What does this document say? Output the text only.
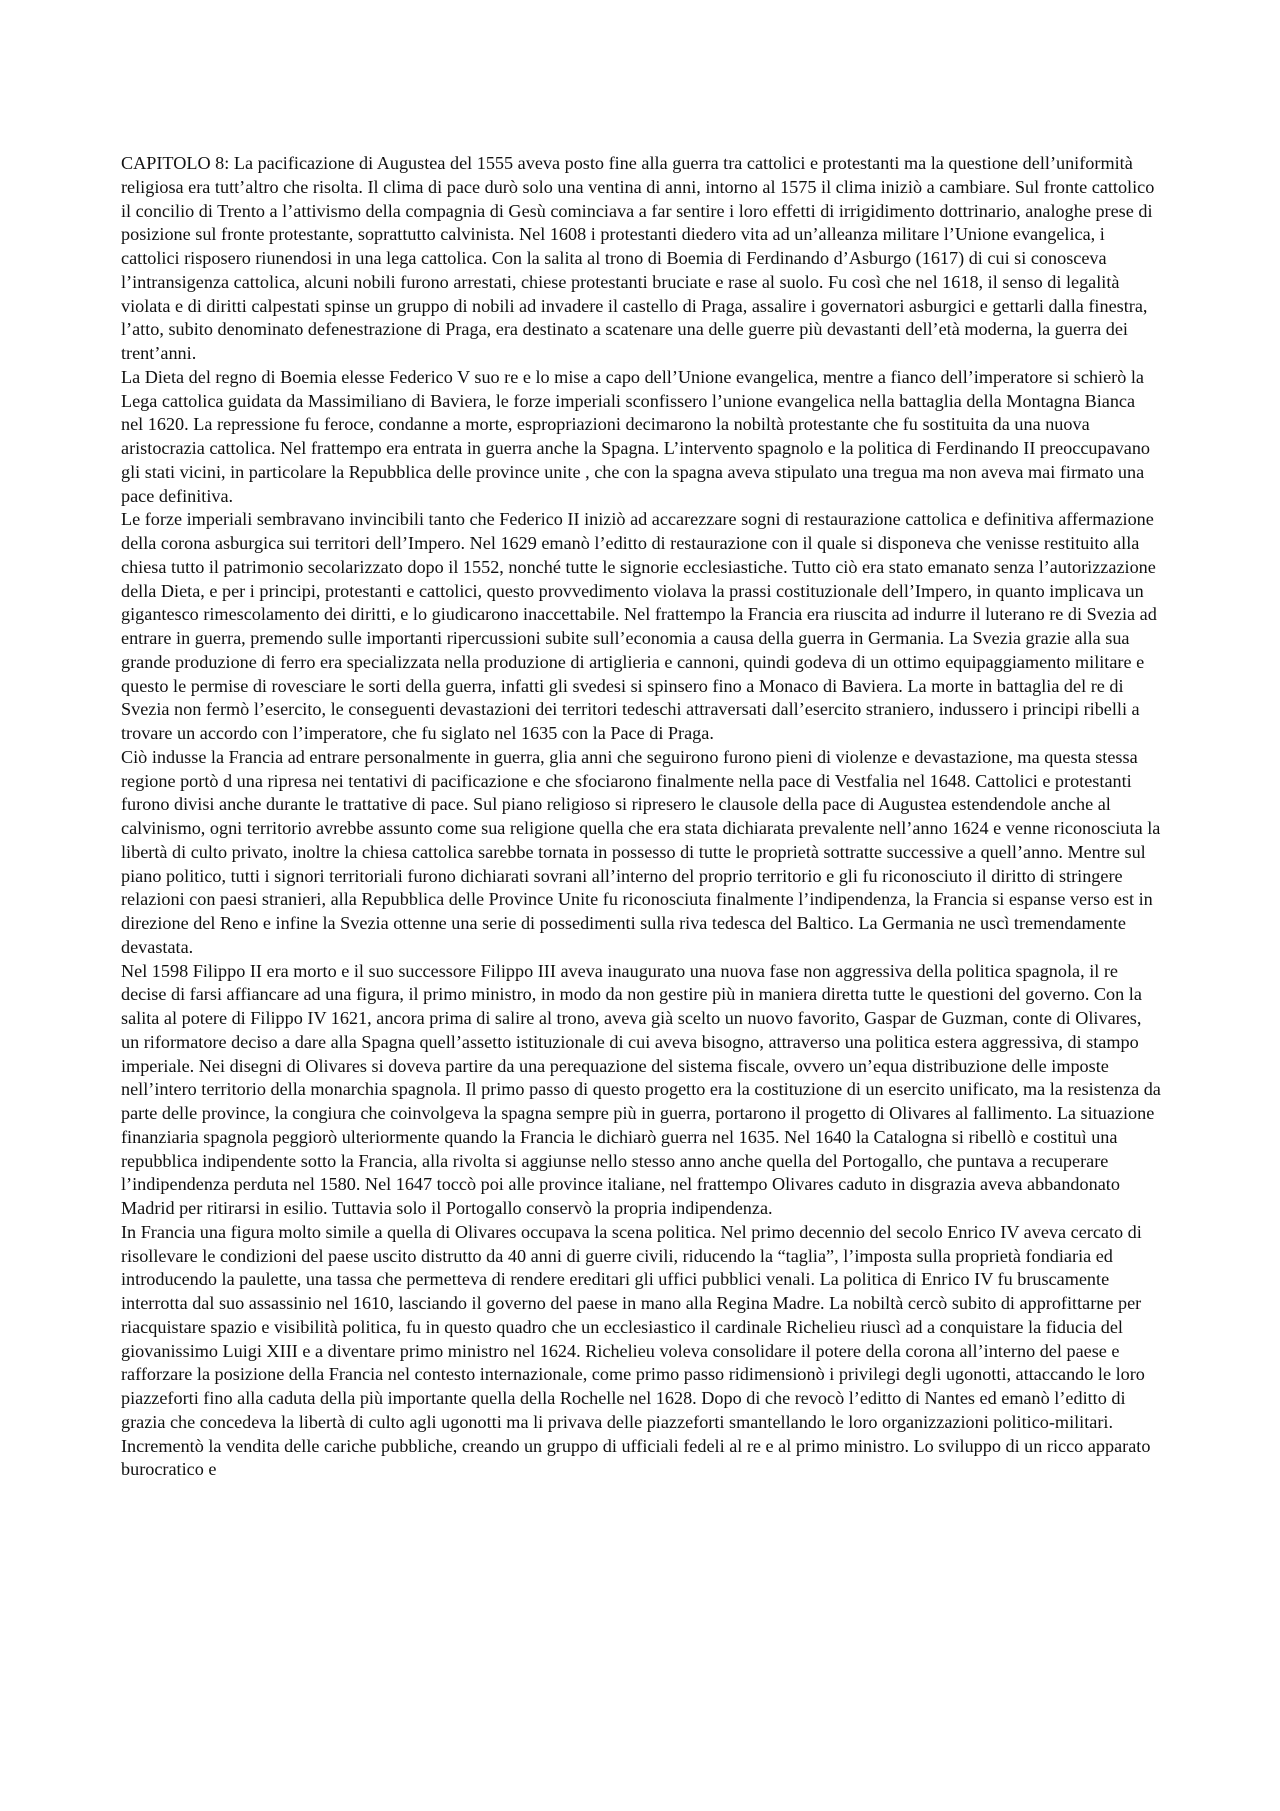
CAPITOLO 8: La pacificazione di Augustea del 1555 aveva posto fine alla guerra tra cattolici e protestanti ma la questione dell’uniformità religiosa era tutt’altro che risolta. Il clima di pace durò solo una ventina di anni, intorno al 1575 il clima iniziò a cambiare. Sul fronte cattolico il concilio di Trento a l’attivismo della compagnia di Gesù cominciava a far sentire i loro effetti di irrigidimento dottrinario, analoghe prese di posizione sul fronte protestante, soprattutto calvinista. Nel 1608 i protestanti diedero vita ad un’alleanza militare l’Unione evangelica, i cattolici risposero riunendosi in una lega cattolica. Con la salita al trono di Boemia di Ferdinando d’Asburgo (1617) di cui si conosceva l’intransigenza cattolica, alcuni nobili furono arrestati, chiese protestanti bruciate e rase al suolo. Fu così che nel 1618, il senso di legalità violata e di diritti calpestati spinse un gruppo di nobili ad invadere il castello di Praga, assalire i governatori asburgici e gettarli dalla finestra, l’atto, subito denominato defenestrazione di Praga, era destinato a scatenare una delle guerre più devastanti dell’età moderna, la guerra dei trent’anni.

La Dieta del regno di Boemia elesse Federico V suo re e lo mise a capo dell’Unione evangelica, mentre a fianco dell’imperatore si schierò la Lega cattolica guidata da Massimiliano di Baviera, le forze imperiali sconfissero l’unione evangelica nella battaglia della Montagna Bianca nel 1620. La repressione fu feroce, condanne a morte, espropriazioni decimarono la nobiltà protestante che fu sostituita da una nuova aristocrazia cattolica. Nel frattempo era entrata in guerra anche la Spagna. L’intervento spagnolo e la politica di Ferdinando II preoccupavano gli stati vicini, in particolare la Repubblica delle province unite , che con la spagna aveva stipulato una tregua ma non aveva mai firmato una pace definitiva.

Le forze imperiali sembravano invincibili tanto che Federico II iniziò ad accarezzare sogni di restaurazione cattolica e definitiva affermazione della corona asburgica sui territori dell’Impero. Nel 1629 emanò l’editto di restaurazione con il quale si disponeva che venisse restituito alla chiesa tutto il patrimonio secolarizzato dopo il 1552, nonché tutte le signorie ecclesiastiche. Tutto ciò era stato emanato senza l’autorizzazione della Dieta, e per i principi, protestanti e cattolici, questo provvedimento violava la prassi costituzionale dell’Impero, in quanto implicava un gigantesco rimescolamento dei diritti, e lo giudicarono inaccettabile. Nel frattempo la Francia era riuscita ad indurre il luterano re di Svezia ad entrare in guerra, premendo sulle importanti ripercussioni subite sull’economia a causa della guerra in Germania. La Svezia grazie alla sua grande produzione di ferro era specializzata nella produzione di artiglieria e cannoni, quindi godeva di un ottimo equipaggiamento militare e questo le permise di rovesciare le sorti della guerra, infatti gli svedesi si spinsero fino a Monaco di Baviera. La morte in battaglia del re di Svezia non fermò l’esercito, le conseguenti devastazioni dei territori tedeschi attraversati dall’esercito straniero, indussero i principi ribelli a trovare un accordo con l’imperatore, che fu siglato nel 1635 con la Pace di Praga.

Ciò indusse la Francia ad entrare personalmente in guerra, glia anni che seguirono furono pieni di violenze e devastazione, ma questa stessa regione portò d una ripresa nei tentativi di pacificazione e che sfociarono finalmente nella pace di Vestfalia nel 1648. Cattolici e protestanti furono divisi anche durante le trattative di pace. Sul piano religioso si ripresero le clausole della pace di Augustea estendendole anche al calvinismo, ogni territorio avrebbe assunto come sua religione quella che era stata dichiarata prevalente nell’anno 1624 e venne riconosciuta la libertà di culto privato, inoltre la chiesa cattolica sarebbe tornata in possesso di tutte le proprietà sottratte successive a quell’anno. Mentre sul piano politico, tutti i signori territoriali furono dichiarati sovrani all’interno del proprio territorio e gli fu riconosciuto il diritto di stringere relazioni con paesi stranieri, alla Repubblica delle Province Unite fu riconosciuta finalmente l’indipendenza, la Francia si espanse verso est in direzione del Reno e infine la Svezia ottenne una serie di possedimenti sulla riva tedesca del Baltico. La Germania ne uscì tremendamente devastata.

Nel 1598 Filippo II era morto e il suo successore Filippo III aveva inaugurato una nuova fase non aggressiva della politica spagnola, il re decise di farsi affiancare ad una figura, il primo ministro, in modo da non gestire più in maniera diretta tutte le questioni del governo. Con la salita al potere di Filippo IV 1621, ancora prima di salire al trono, aveva già scelto un nuovo favorito, Gaspar de Guzman, conte di Olivares, un riformatore deciso a dare alla Spagna quell’assetto istituzionale di cui aveva bisogno, attraverso una politica estera aggressiva, di stampo imperiale. Nei disegni di Olivares si doveva partire da una perequazione del sistema fiscale, ovvero un’equa distribuzione delle imposte nell’intero territorio della monarchia spagnola. Il primo passo di questo progetto era la costituzione di un esercito unificato, ma la resistenza da parte delle province, la congiura che coinvolgeva la spagna sempre più in guerra, portarono il progetto di Olivares al fallimento. La situazione finanziaria spagnola peggiorò ulteriormente quando la Francia le dichiarò guerra nel 1635. Nel 1640 la Catalogna si ribellò e costituì una repubblica indipendente sotto la Francia, alla rivolta si aggiunse nello stesso anno anche quella del Portogallo, che puntava a recuperare l’indipendenza perduta nel 1580. Nel 1647 toccò poi alle province italiane, nel frattempo Olivares caduto in disgrazia aveva abbandonato Madrid per ritirarsi in esilio. Tuttavia solo il Portogallo conservò la propria indipendenza.

In Francia una figura molto simile a quella di Olivares occupava la scena politica. Nel primo decennio del secolo Enrico IV aveva cercato di risollevare le condizioni del paese uscito distrutto da 40 anni di guerre civili, riducendo la “taglia”, l’imposta sulla proprietà fondiaria ed introducendo la paulette, una tassa che permetteva di rendere ereditari gli uffici pubblici venali. La politica di Enrico IV fu bruscamente interrotta dal suo assassinio nel 1610, lasciando il governo del paese in mano alla Regina Madre. La nobiltà cercò subito di approfittarne per riacquistare spazio e visibilità politica, fu in questo quadro che un ecclesiastico il cardinale Richelieu riuscì ad a conquistare la fiducia del giovanissimo Luigi XIII e a diventare primo ministro nel 1624. Richelieu voleva consolidare il potere della corona all’interno del paese e rafforzare la posizione della Francia nel contesto internazionale, come primo passo ridimensionò i privilegi degli ugonotti, attaccando le loro piazzeforti fino alla caduta della più importante quella della Rochelle nel 1628. Dopo di che revocò l’editto di Nantes ed emanò l’editto di grazia che concedeva la libertà di culto agli ugonotti ma li privava delle piazzeforti smantellando le loro organizzazioni politico-militari. Incrementò la vendita delle cariche pubbliche, creando un gruppo di ufficiali fedeli al re e al primo ministro. Lo sviluppo di un ricco apparato burocratico e
